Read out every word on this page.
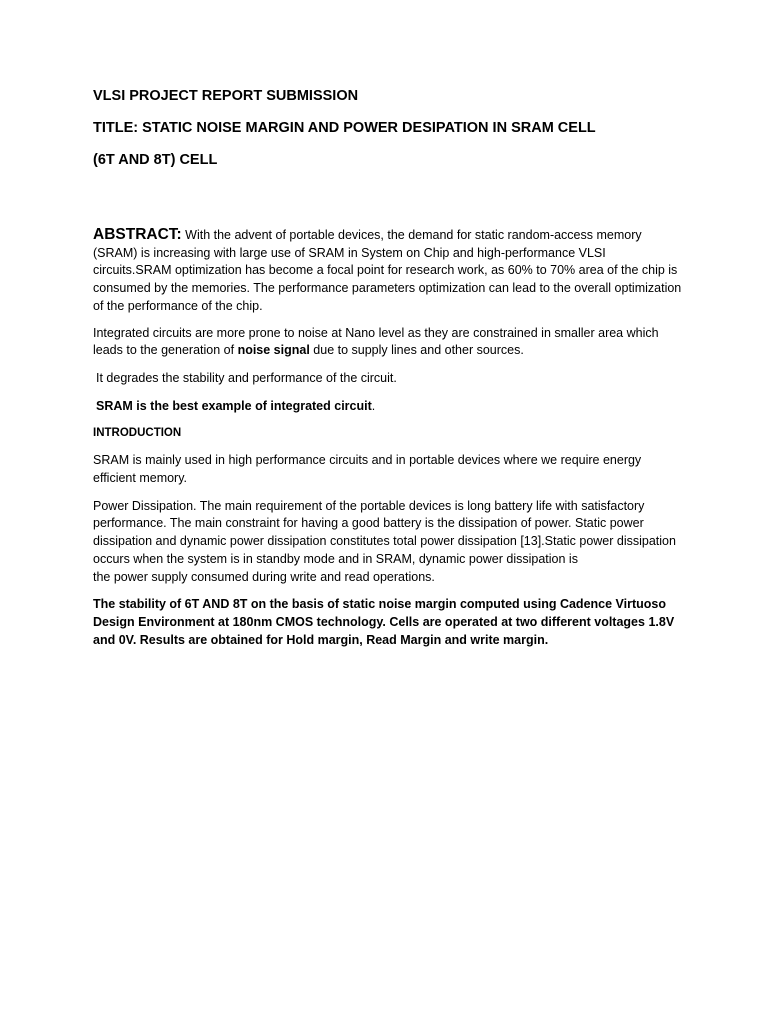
VLSI PROJECT REPORT SUBMISSION
TITLE: STATIC NOISE MARGIN AND POWER DESIPATION IN SRAM CELL
(6T AND 8T) CELL

ABSTRACT: With the advent of portable devices, the demand for static random-access memory (SRAM) is increasing with large use of SRAM in System on Chip and high-performance VLSI circuits.SRAM optimization has become a focal point for research work, as 60% to 70% area of the chip is consumed by the memories. The performance parameters optimization can lead to the overall optimization of the performance of the chip.

Integrated circuits are more prone to noise at Nano level as they are constrained in smaller area which leads to the generation of noise signal due to supply lines and other sources.

It degrades the stability and performance of the circuit.

SRAM is the best example of integrated circuit.

INTRODUCTION

SRAM is mainly used in high performance circuits and in portable devices where we require energy efficient memory.

Power Dissipation. The main requirement of the portable devices is long battery life with satisfactory performance. The main constraint for having a good battery is the dissipation of power. Static power dissipation and dynamic power dissipation constitutes total power dissipation [13].Static power dissipation occurs when the system is in standby mode and in SRAM, dynamic power dissipation is
the power supply consumed during write and read operations.

The stability of 6T AND 8T on the basis of static noise margin computed using Cadence Virtuoso Design Environment at 180nm CMOS technology. Cells are operated at two different voltages 1.8V and 0V. Results are obtained for Hold margin, Read Margin and write margin.
